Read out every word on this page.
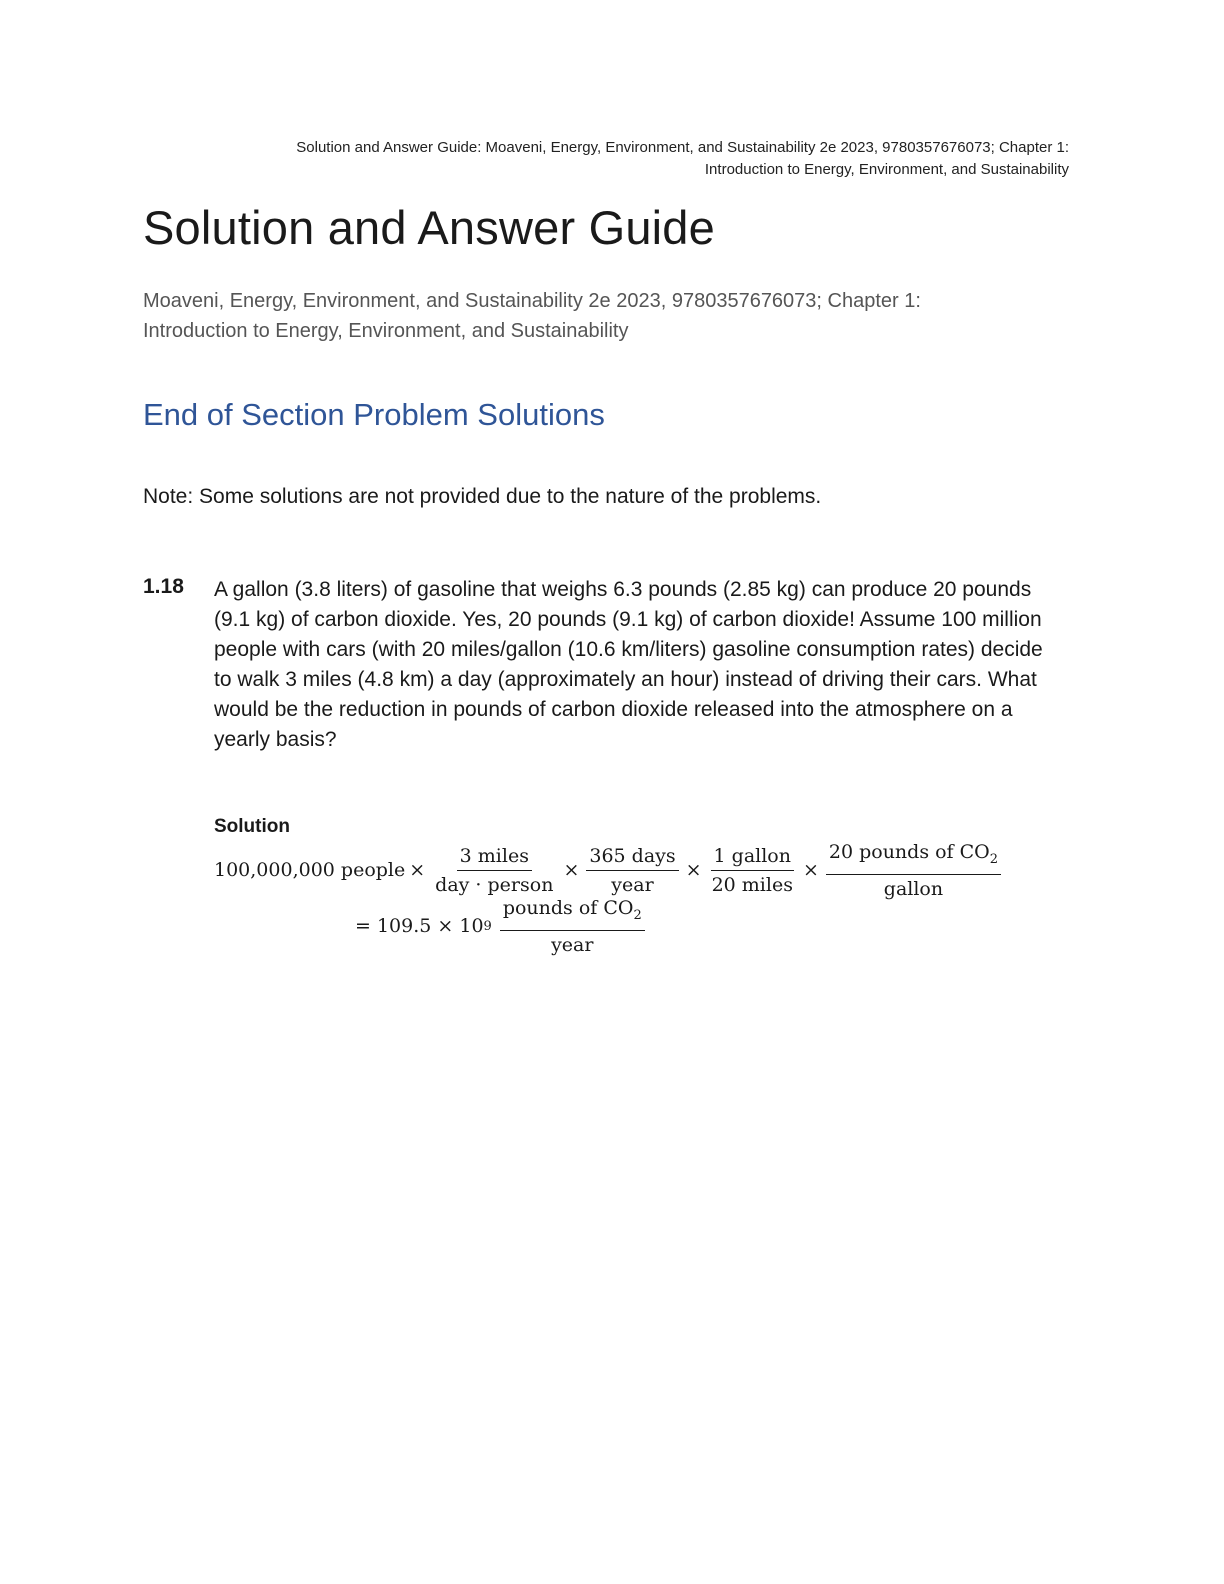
Solution and Answer Guide: Moaveni, Energy, Environment, and Sustainability 2e 2023, 9780357676073; Chapter 1:
Introduction to Energy, Environment, and Sustainability
Solution and Answer Guide
Moaveni, Energy, Environment, and Sustainability 2e 2023, 9780357676073; Chapter 1:
Introduction to Energy, Environment, and Sustainability
End of Section Problem Solutions
Note: Some solutions are not provided due to the nature of the problems.
1.18 A gallon (3.8 liters) of gasoline that weighs 6.3 pounds (2.85 kg) can produce 20 pounds (9.1 kg) of carbon dioxide. Yes, 20 pounds (9.1 kg) of carbon dioxide! Assume 100 million people with cars (with 20 miles/gallon (10.6 km/liters) gasoline consumption rates) decide to walk 3 miles (4.8 km) a day (approximately an hour) instead of driving their cars. What would be the reduction in pounds of carbon dioxide released into the atmosphere on a yearly basis?
Solution
100,000,000 people × $\frac{\text{3 miles}}{\text{day · person}} \times \frac{\text{365 days}}{\text{year}} \times \frac{\text{1 gallon}}{\text{20 miles}} \times \frac{20 pounds of CO_2}{\text{gallon}}$
= 109.5 × 10 $9 \frac{pounds of CO_2}{\text{year}}$
